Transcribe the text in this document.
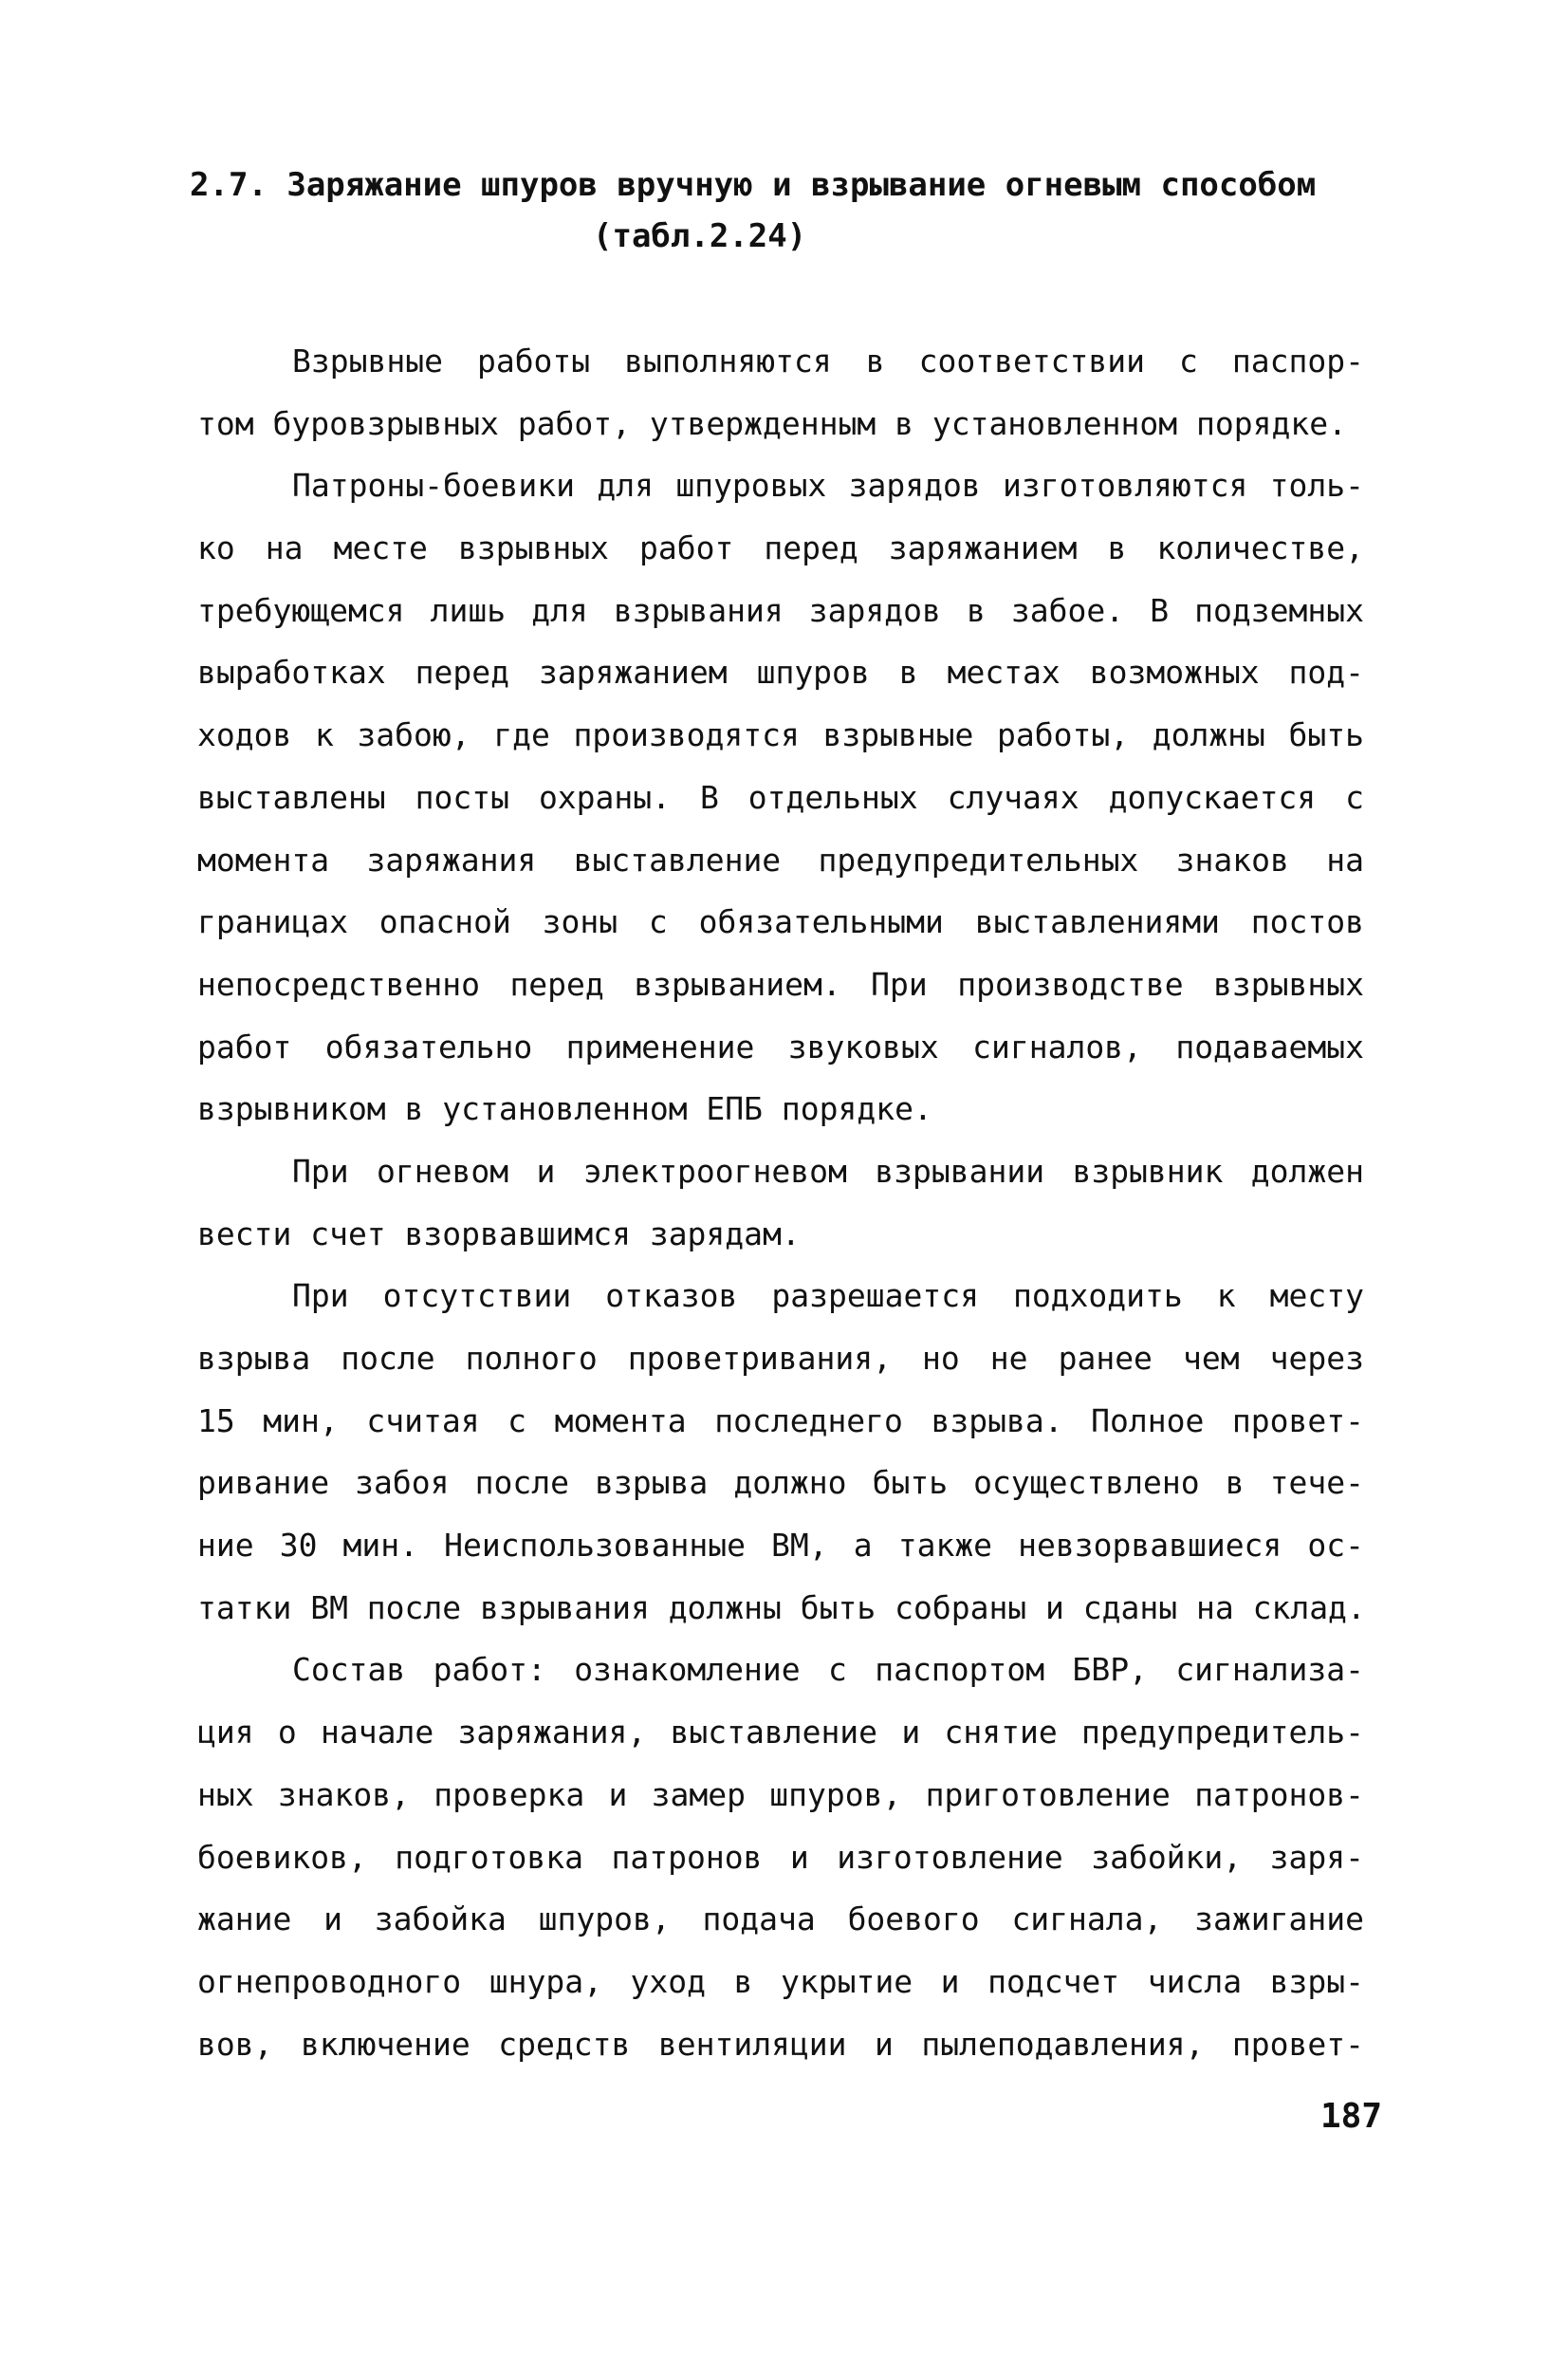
2.7. Заряжание шпуров вручную и взрывание огневым способом
(табл.2.24)
Взрывные работы выполняются в соответствии с паспор-
том буровзрывных работ, утвержденным в установленном порядке.
Патроны-боевики для шпуровых зарядов изготовляются толь-
ко на месте взрывных работ перед заряжанием в количестве,
требующемся лишь для взрывания зарядов в забое. В подземных
выработках перед заряжанием шпуров в местах возможных под-
ходов к забою, где производятся взрывные работы, должны быть
выставлены посты охраны. В отдельных случаях допускается с
момента заряжания выставление предупредительных знаков на
границах опасной зоны с обязательными выставлениями постов
непосредственно перед взрыванием. При производстве взрывных
работ обязательно применение звуковых сигналов, подаваемых
взрывником в установленном ЕПБ порядке.
При огневом и электроогневом взрывании взрывник должен
вести счет взорвавшимся зарядам.
При отсутствии отказов разрешается подходить к месту
взрыва после полного проветривания, но не ранее чем через
15 мин, считая с момента последнего взрыва. Полное провет-
ривание забоя после взрыва должно быть осуществлено в тече-
ние 30 мин. Неиспользованные ВМ, а также невзорвавшиеся ос-
татки ВМ после взрывания должны быть собраны и сданы на склад.
Состав работ: ознакомление с паспортом БВР, сигнализа-
ция о начале заряжания, выставление и снятие предупредитель-
ных знаков, проверка и замер шпуров, приготовление патронов-
боевиков, подготовка патронов и изготовление забойки, заря-
жание и забойка шпуров, подача боевого сигнала, зажигание
огнепроводного шнура, уход в укрытие и подсчет числа взры-
вов, включение средств вентиляции и пылеподавления, провет-
187
